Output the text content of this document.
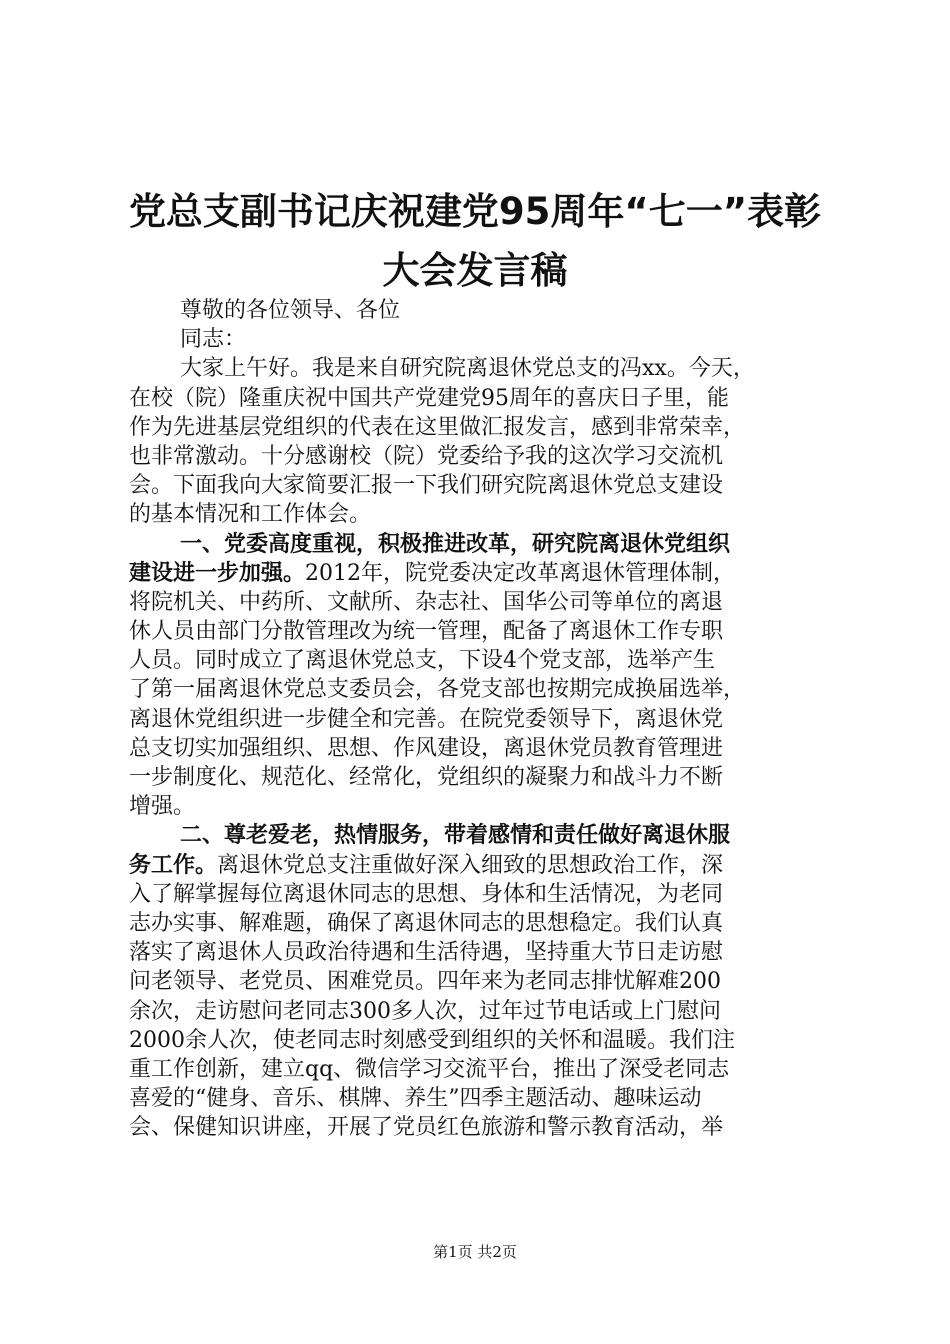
党总支副书记庆祝建党95周年“七一”表彰
大会发言稿
尊敬的各位领导、各位
同志：
大家上午好。我是来自研究院离退休党总支的冯xx。今天，
在校（院）隆重庆祝中国共产党建党95周年的喜庆日子里，能
作为先进基层党组织的代表在这里做汇报发言，感到非常荣幸，
也非常激动。十分感谢校（院）党委给予我的这次学习交流机
会。下面我向大家简要汇报一下我们研究院离退休党总支建设
的基本情况和工作体会。
一、党委高度重视，积极推进改革，研究院离退休党组织
建设进一步加强。2012年，院党委决定改革离退休管理体制，
将院机关、中药所、文献所、杂志社、国华公司等单位的离退
休人员由部门分散管理改为统一管理，配备了离退休工作专职
人员。同时成立了离退休党总支，下设4个党支部，选举产生
了第一届离退休党总支委员会，各党支部也按期完成换届选举，
离退休党组织进一步健全和完善。在院党委领导下，离退休党
总支切实加强组织、思想、作风建设，离退休党员教育管理进
一步制度化、规范化、经常化，党组织的凝聚力和战斗力不断
增强。
二、尊老爱老，热情服务，带着感情和责任做好离退休服
务工作。离退休党总支注重做好深入细致的思想政治工作，深
入了解掌握每位离退休同志的思想、身体和生活情况，为老同
志办实事、解难题，确保了离退休同志的思想稳定。我们认真
落实了离退休人员政治待遇和生活待遇，坚持重大节日走访慰
问老领导、老党员、困难党员。四年来为老同志排忧解难200
余次，走访慰问老同志300多人次，过年过节电话或上门慰问
2000余人次，使老同志时刻感受到组织的关怀和温暖。我们注
重工作创新，建立qq、微信学习交流平台，推出了深受老同志
喜爱的“健身、音乐、棋牌、养生”四季主题活动、趣味运动
会、保健知识讲座，开展了党员红色旅游和警示教育活动，举
第1页 共2页
